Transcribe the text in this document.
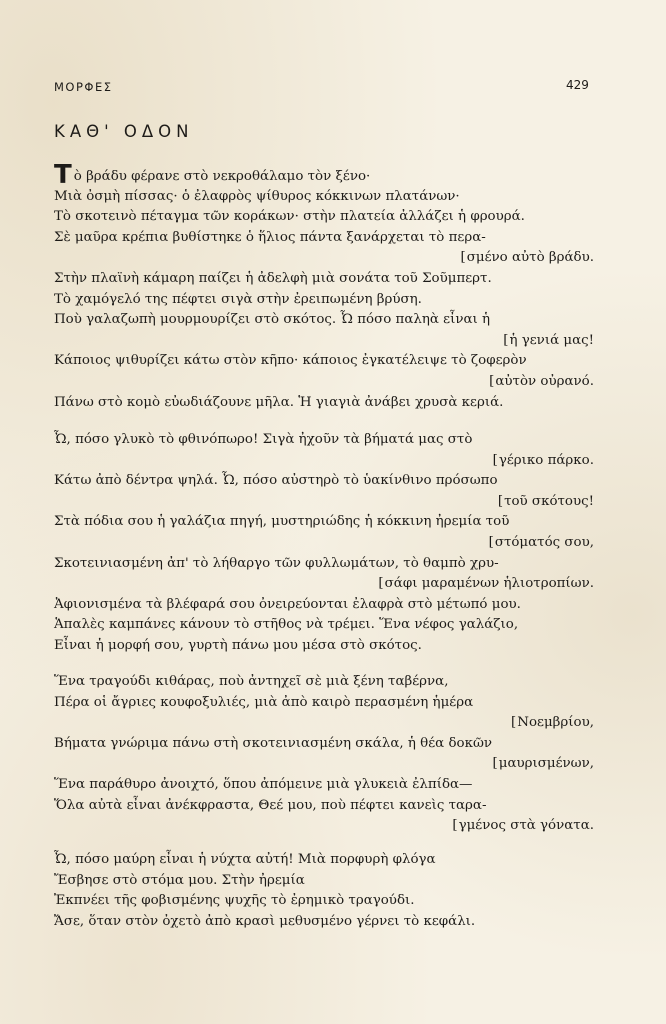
ΜΟΡΦΕΣ	429
ΚΑΘ' ΟΔΟΝ
Τὸ βράδυ φέρανε στὸ νεκροθάλαμο τὸν ξένο·
Μιὰ ὀσμὴ πίσσας· ὁ ἐλαφρὸς ψίθυρος κόκκινων πλατάνων·
Τὸ σκοτεινὸ πέταγμα τῶν κοράκων· στὴν πλατεία ἀλλάζει ἡ φρουρά.
Σὲ μαῦρα κρέπια βυθίστηκε ὁ ἥλιος πάντα ξανάρχεται τὸ περα-
[σμένο αὐτὸ βράδυ.
Στὴν πλαϊνὴ κάμαρη παίζει ἡ ἀδελφὴ μιὰ σονάτα τοῦ Σοῦμπερτ.
Τὸ χαμόγελό της πέφτει σιγὰ στὴν ἐρειπωμένη βρύση.
Ποὺ γαλαζωπὴ μουρμουρίζει στὸ σκότος. Ὦ πόσο παληὰ εἶναι ἡ
[ἡ γενιά μας!
Κάποιος ψιθυρίζει κάτω στὸν κῆπο· κάποιος ἐγκατέλειψε τὸ ζοφερὸν
[αὐτὸν οὐρανό.
Πάνω στὸ κομὸ εὐωδιάζουνε μῆλα. Ἡ γιαγιὰ ἀνάβει χρυσὰ κεριά.
Ὦ, πόσο γλυκὸ τὸ φθινόπωρο! Σιγὰ ἠχοῦν τὰ βήματά μας στὸ
[γέρικο πάρκο.
Κάτω ἀπὸ δέντρα ψηλά. Ὦ, πόσο αὐστηρὸ τὸ ὑακίνθινο πρόσωπο
[τοῦ σκότους!
Στὰ πόδια σου ἡ γαλάζια πηγή, μυστηριώδης ἡ κόκκινη ἠρεμία τοῦ
[στόματός σου,
Σκοτεινιασμένη ἀπ' τὸ λήθαργο τῶν φυλλωμάτων, τὸ θαμπὸ χρυ-
[σάφι μαραμένων ἡλιοτροπίων.
Ἀφιονισμένα τὰ βλέφαρά σου ὀνειρεύονται ἐλαφρὰ στὸ μέτωπό μου.
Ἁπαλὲς καμπάνες κάνουν τὸ στῆθος νὰ τρέμει. Ἕνα νέφος γαλάζιο,
Εἶναι ἡ μορφή σου, γυρτὴ πάνω μου μέσα στὸ σκότος.
Ἕνα τραγούδι κιθάρας, ποὺ ἀντηχεῖ σὲ μιὰ ξένη ταβέρνα,
Πέρα οἱ ἄγριες κουφοξυλιές, μιὰ ἀπὸ καιρὸ περασμένη ἡμέρα
[Νοεμβρίου,
Βήματα γνώριμα πάνω στὴ σκοτεινιασμένη σκάλα, ἡ θέα δοκῶν
[μαυρισμένων,
Ἕνα παράθυρο ἀνοιχτό, ὅπου ἀπόμεινε μιὰ γλυκειὰ ἐλπίδα—
Ὅλα αὐτὰ εἶναι ἀνέκφραστα, Θεέ μου, ποὺ πέφτει κανεὶς ταρα-
[γμένος στὰ γόνατα.
Ὦ, πόσο μαύρη εἶναι ἡ νύχτα αὐτή! Μιὰ πορφυρὴ φλόγα
Ἔσβησε στὸ στόμα μου. Στὴν ἠρεμία
Ἐκπνέει τῆς φοβισμένης ψυχῆς τὸ ἐρημικὸ τραγούδι.
Ἄσε, ὅταν στὸν ὀχετὸ ἀπὸ κρασὶ μεθυσμένο γέρνει τὸ κεφάλι.
